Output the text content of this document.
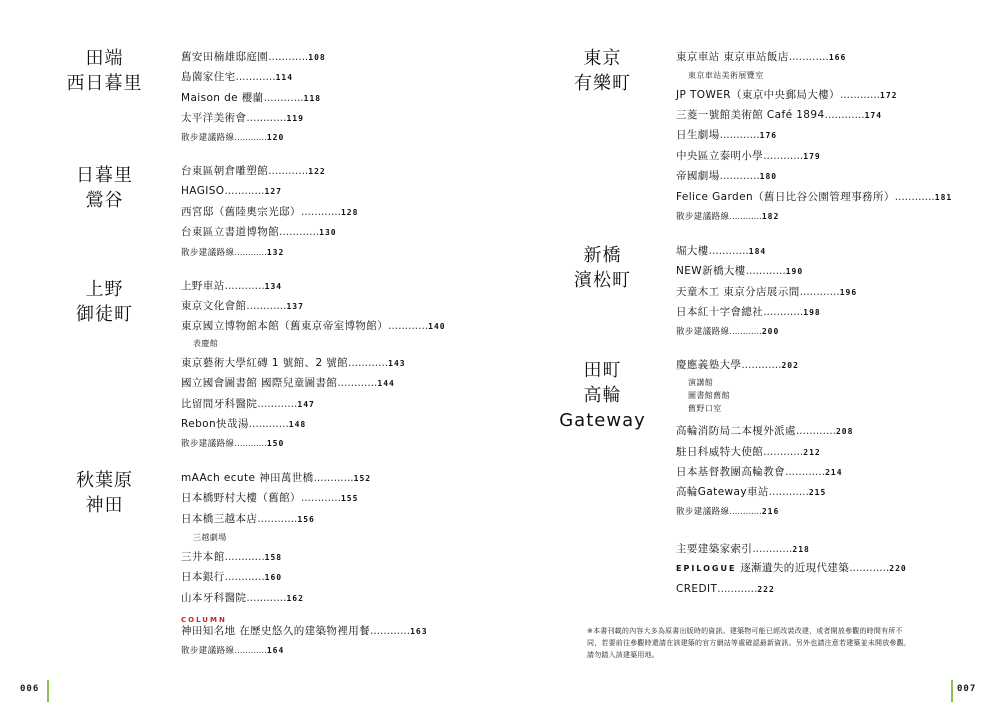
田端
西日暮里
舊安田楠雄邸庭園............108
島薗家住宅............114
Maison de 櫻蘭............118
太平洋美術會............119
散步建議路線............120
日暮里
鶯谷
台東區朝倉雕塑館............122
HAGISO............127
西宮邸（舊陸奧宗光邸）............128
台東區立書道博物館............130
散步建議路線............132
上野
御徒町
上野車站............134
東京文化會館............137
東京國立博物館本館（舊東京帝室博物館）............140
表慶館
東京藝術大學紅磚 1 號館、2 號館............143
國立國會圖書館 國際兒童圖書館............144
比留間牙科醫院............147
Rebon快哉湯............148
散步建議路線............150
秋葉原
神田
mAAch ecute 神田萬世橋............152
日本橋野村大樓（舊館）............155
日本橋三越本店............156
三越劇場
三井本館............158
日本銀行............160
山本牙科醫院............162
COLUMN
神田知名地 在歷史悠久的建築物裡用餐............163
散步建議路線............164
006
東京
有樂町
東京車站 東京車站飯店............166
東京車站美術展覽室
JP TOWER（東京中央郵局大樓）............172
三菱一號館美術館 Café 1894............174
日生劇場............176
中央區立泰明小學............179
帝國劇場............180
Felice Garden（舊日比谷公園管理事務所）............181
散步建議路線............182
新橋
濱松町
堀大樓............184
NEW新橋大樓............190
天童木工 東京分店展示間............196
日本紅十字會總社............198
散步建議路線............200
田町
高輪
Gateway
慶應義塾大學............202
演講館
圖書館舊館
舊野口室
高輪消防局二本榎外派處............208
駐日科威特大使館............212
日本基督教團高輪教會............214
高輪Gateway車站............215
散步建議路線............216
主要建築家索引............218
EPILOGUE 逐漸遺失的近現代建築............220
CREDIT............222
※本書刊載的內容大多為原書出版時的資訊。建築物可能已經改裝改建，或者開放參觀的時間有所不
同，若要前往參觀時還請在該建築的官方網站等處確認最新資訊。另外也請注意若建築並未開放參觀，
請勿踏入該建築用地。
007
